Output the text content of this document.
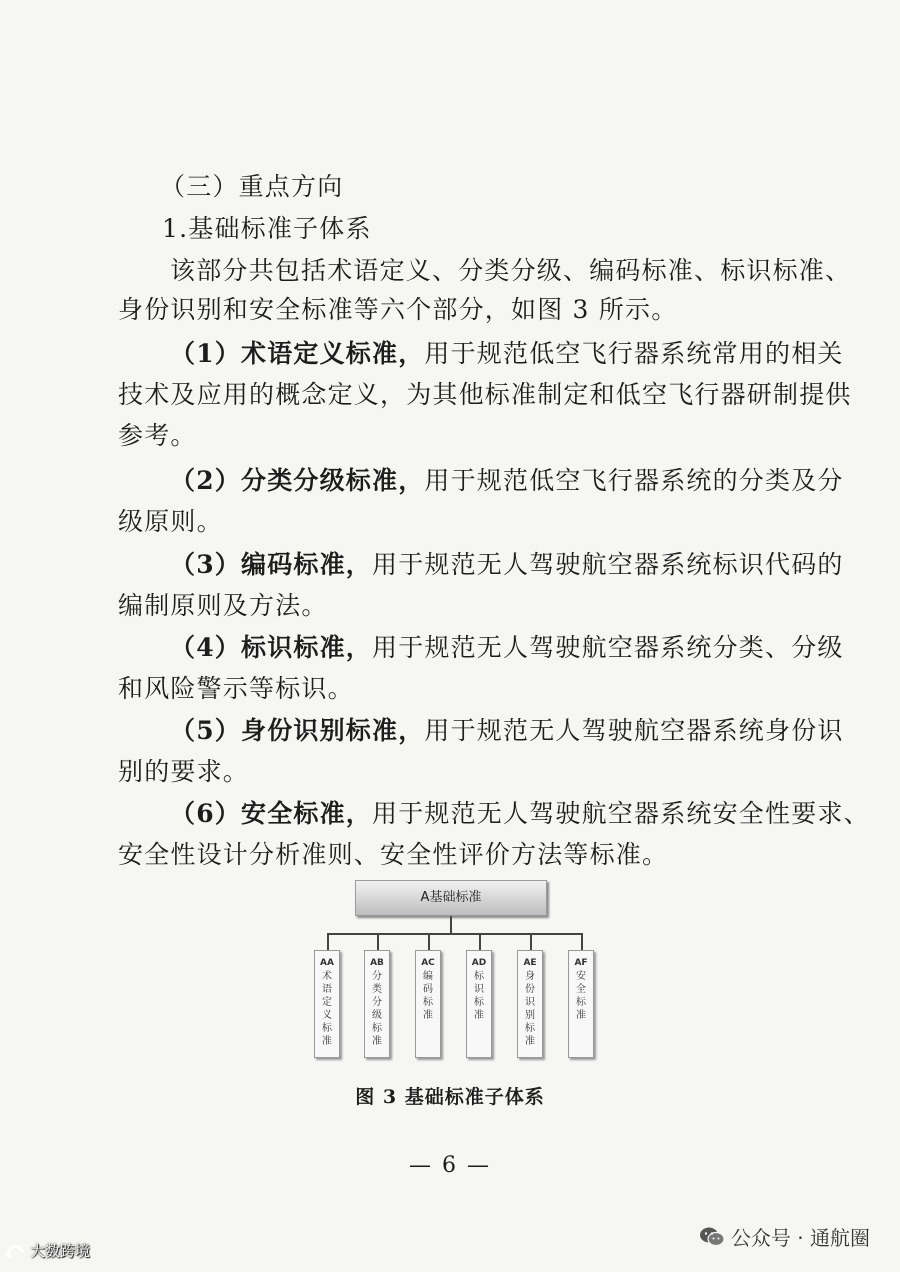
（三）重点方向
1.基础标准子体系
该部分共包括术语定义、分类分级、编码标准、标识标准、
身份识别和安全标准等六个部分，如图 3 所示。
（1）术语定义标准，用于规范低空飞行器系统常用的相关
技术及应用的概念定义，为其他标准制定和低空飞行器研制提供
参考。
（2）分类分级标准，用于规范低空飞行器系统的分类及分
级原则。
（3）编码标准，用于规范无人驾驶航空器系统标识代码的
编制原则及方法。
（4）标识标准，用于规范无人驾驶航空器系统分类、分级
和风险警示等标识。
（5）身份识别标准，用于规范无人驾驶航空器系统身份识
别的要求。
（6）安全标准，用于规范无人驾驶航空器系统安全性要求、
安全性设计分析准则、安全性评价方法等标准。
A基础标准
AA
术语定义标准
AB
分类分级标准
AC
编码标准
AD
标识标准
AE
身份识别标准
AF
安全标准
图 3 基础标准子体系
— 6 —
公众号 · 通航圈
大数跨境
